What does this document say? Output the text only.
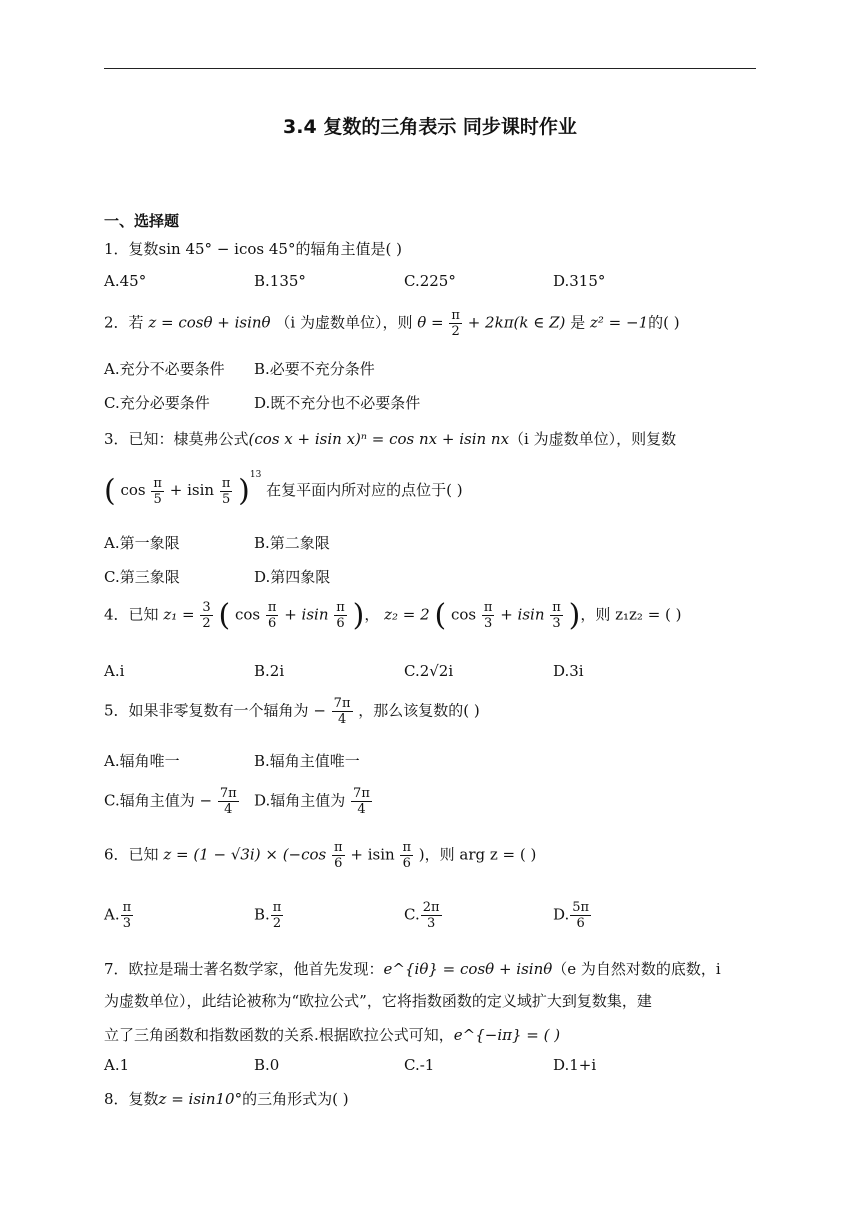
3.4 复数的三角表示 同步课时作业
一、选择题
1．复数sin 45° − icos 45°的辐角主值是( )
A.45°	B.135°	C.225°	D.315°
2．若 z = cosθ + isinθ （i 为虚数单位），则 $\theta = \frac{\pi}{2} + 2k\pi(k$ ∈ Z) 是 z² = −1的( )
A.充分不必要条件 B.必要不充分条件
C.充分必要条件	D.既不充分也不必要条件
3．已知：棣莫弗公式(cos x + isin x)ⁿ = cos nx + isin nx（i 为虚数单位），则复数
( $\cos \frac{\pi}{5} + isin \frac{\pi}{5} )^{13}$ 在复平面内所对应的点位于( )
A.第一象限	B.第二象限
C.第三象限	D.第四象限
4．已知 $z_1 = \frac{3}{2}$ ( $\cos \frac{\pi}{6} + isin \frac{\pi}{6}$ )， z₂ = 2 ( $\cos \frac{\pi}{3} + isin \frac{\pi}{3}$ )，则 z₁z₂ = ( )
A.i	B.2i	C.2√2i	D.3i
5．如果非零复数有一个辐角为 − $\frac{7\pi}{4}$ ，那么该复数的( )
A.辐角唯一	B.辐角主值唯一
C.辐角主值为 − $\frac{7\pi}{4} D$.辐角主值为 $\frac{7\pi}{4}$
6．已知 $z = (1 - √3i) \times (-\cos \frac{\pi}{6} + isin \frac{\pi}{6}$ )，则 arg z = ( )
A. $\frac{\pi}{3}$	B. $\frac{\pi}{2}$	C. $\frac{2\pi}{3}$	D. $\frac{5\pi}{6}$
7．欧拉是瑞士著名数学家，他首先发现：e^{iθ} = cosθ + isinθ（e 为自然对数的底数，i
为虚数单位），此结论被称为“欧拉公式”，它将指数函数的定义域扩大到复数集，建
立了三角函数和指数函数的关系.根据欧拉公式可知，e^{−iπ} = ( )
A.1	B.0	C.-1	D.1+i
8．复数z = isin10°的三角形式为( )
